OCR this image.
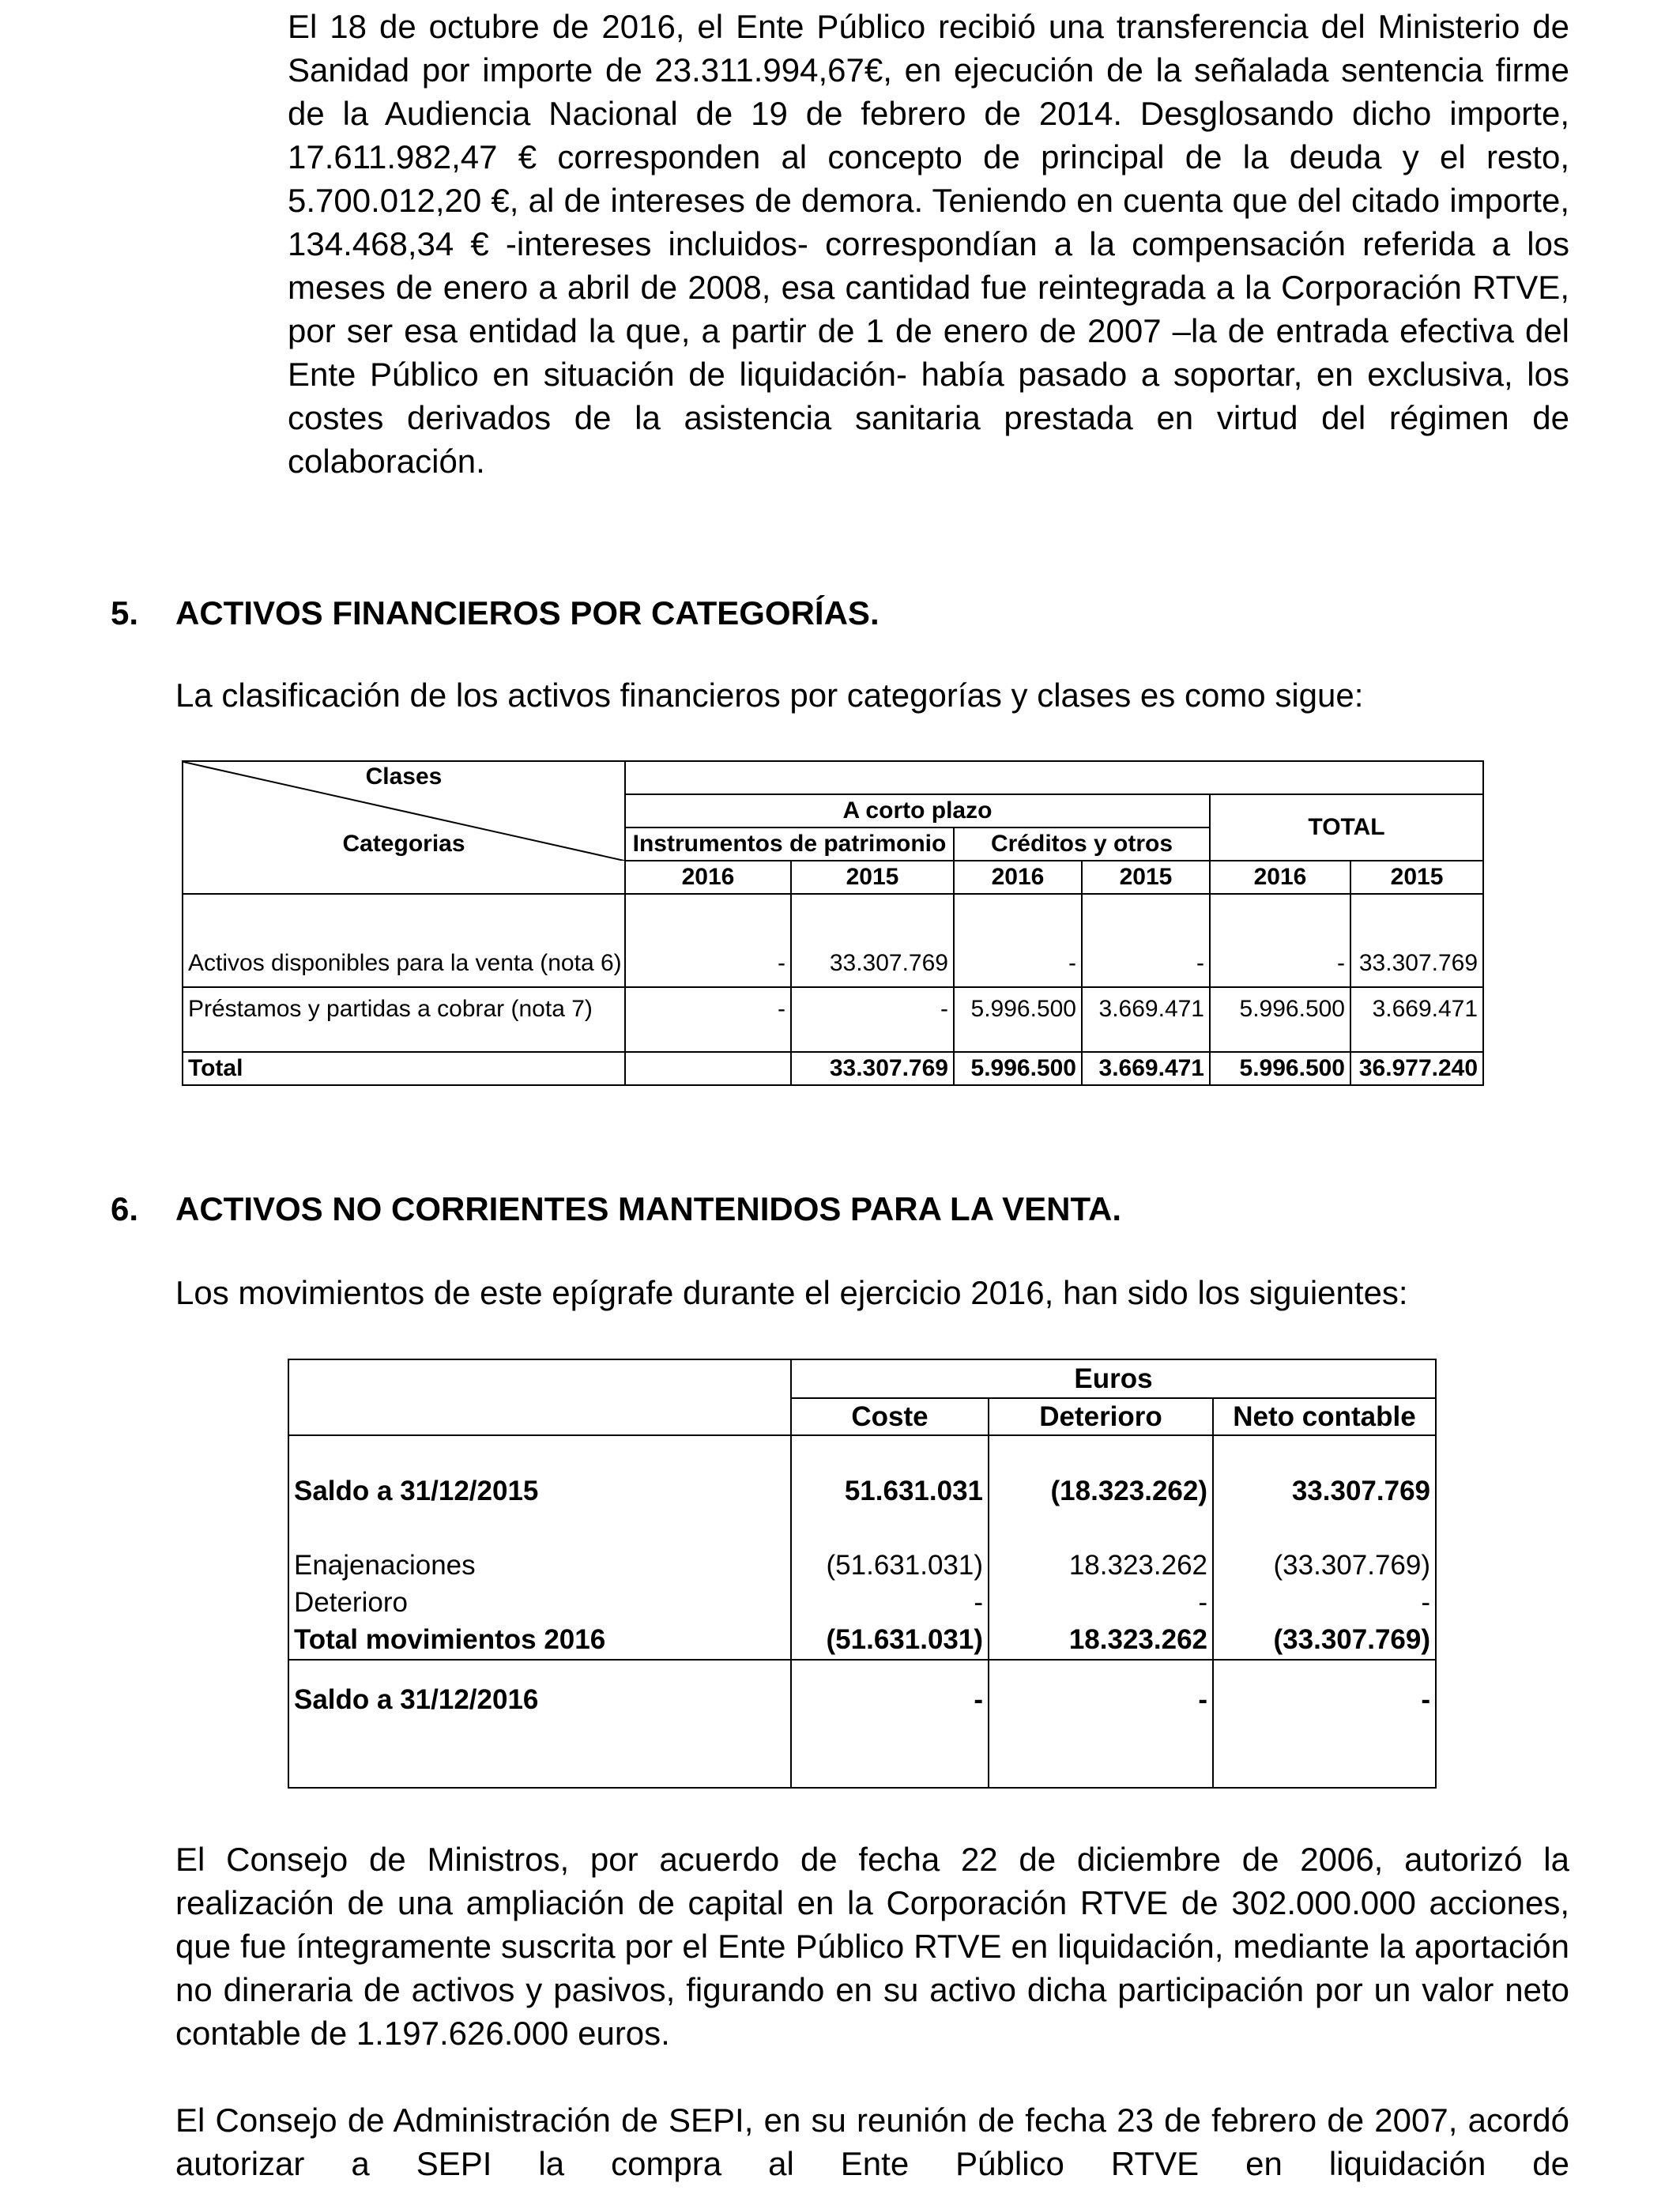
El 18 de octubre de 2016, el Ente Público recibió una transferencia del Ministerio de Sanidad por importe de 23.311.994,67€, en ejecución de la señalada sentencia firme de la Audiencia Nacional de 19 de febrero de 2014. Desglosando dicho importe, 17.611.982,47 € corresponden al concepto de principal de la deuda y el resto, 5.700.012,20 €, al de intereses de demora. Teniendo en cuenta que del citado importe, 134.468,34 € -intereses incluidos- correspondían a la compensación referida a los meses de enero a abril de 2008, esa cantidad fue reintegrada a la Corporación RTVE, por ser esa entidad la que, a partir de 1 de enero de 2007 –la de entrada efectiva del Ente Público en situación de liquidación- había pasado a soportar, en exclusiva, los costes derivados de la asistencia sanitaria prestada en virtud del régimen de colaboración.

5. ACTIVOS FINANCIEROS POR CATEGORÍAS.

La clasificación de los activos financieros por categorías y clases es como sigue:

Clases
Categorias						

	A corto plazo				TOTAL	
	Instrumentos de patrimonio		Créditos y otros			
	2016	2015	2016	2015	2016	2015
Activos disponibles para la venta (nota 6)	-	33.307.769	-	-	-	33.307.769
Préstamos y partidas a cobrar (nota 7)	-	-	5.996.500	3.669.471	5.996.500	3.669.471
Total		33.307.769	5.996.500	3.669.471	5.996.500	36.977.240
6. ACTIVOS NO CORRIENTES MANTENIDOS PARA LA VENTA.

Los movimientos de este epígrafe durante el ejercicio 2016, han sido los siguientes:

	Euros		
	Coste	Deterioro	Neto contable
Saldo a 31/12/2015	51.631.031	(18.323.262)	33.307.769
Enajenaciones	(51.631.031)	18.323.262	(33.307.769)
Deterioro	-	-	-
Total movimientos 2016	(51.631.031)	18.323.262	(33.307.769)
Saldo a 31/12/2016	-	-	-

El Consejo de Ministros, por acuerdo de fecha 22 de diciembre de 2006, autorizó la realización de una ampliación de capital en la Corporación RTVE de 302.000.000 acciones, que fue íntegramente suscrita por el Ente Público RTVE en liquidación, mediante la aportación no dineraria de activos y pasivos, figurando en su activo dicha participación por un valor neto contable de 1.197.626.000 euros.

El Consejo de Administración de SEPI, en su reunión de fecha 23 de febrero de 2007, acordó autorizar a SEPI la compra al Ente Público RTVE en liquidación de
